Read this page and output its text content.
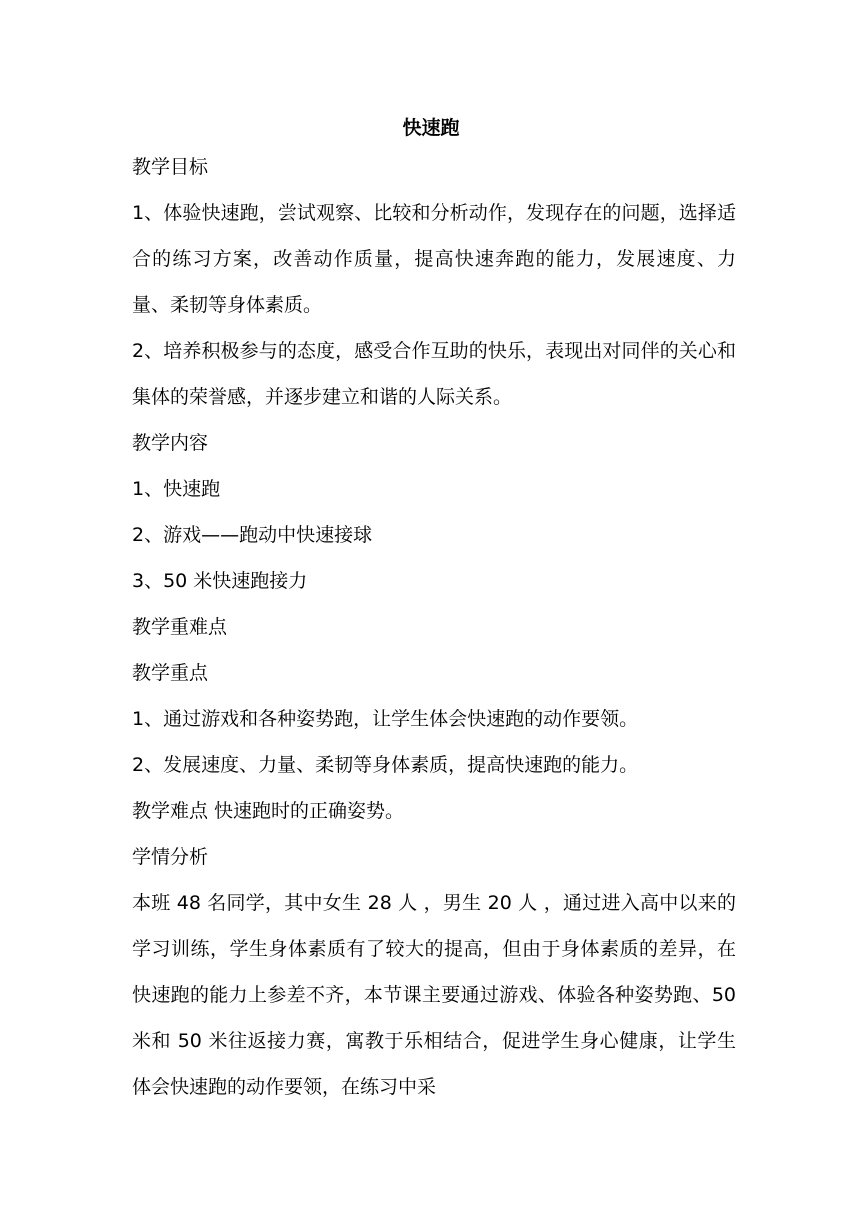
快速跑
教学目标
1、体验快速跑，尝试观察、比较和分析动作，发现存在的问题，选择适合的练习方案，改善动作质量，提高快速奔跑的能力，发展速度、力量、柔韧等身体素质。
2、培养积极参与的态度，感受合作互助的快乐，表现出对同伴的关心和集体的荣誉感，并逐步建立和谐的人际关系。
教学内容
1、快速跑
2、游戏——跑动中快速接球
3、50 米快速跑接力
教学重难点
教学重点
1、通过游戏和各种姿势跑，让学生体会快速跑的动作要领。
2、发展速度、力量、柔韧等身体素质，提高快速跑的能力。
教学难点 快速跑时的正确姿势。
学情分析
本班 48 名同学，其中女生 28 人 ，男生 20 人 ，通过进入高中以来的学习训练，学生身体素质有了较大的提高，但由于身体素质的差异，在快速跑的能力上参差不齐，本节课主要通过游戏、体验各种姿势跑、50 米和 50 米往返接力赛，寓教于乐相结合，促进学生身心健康，让学生体会快速跑的动作要领，在练习中采
